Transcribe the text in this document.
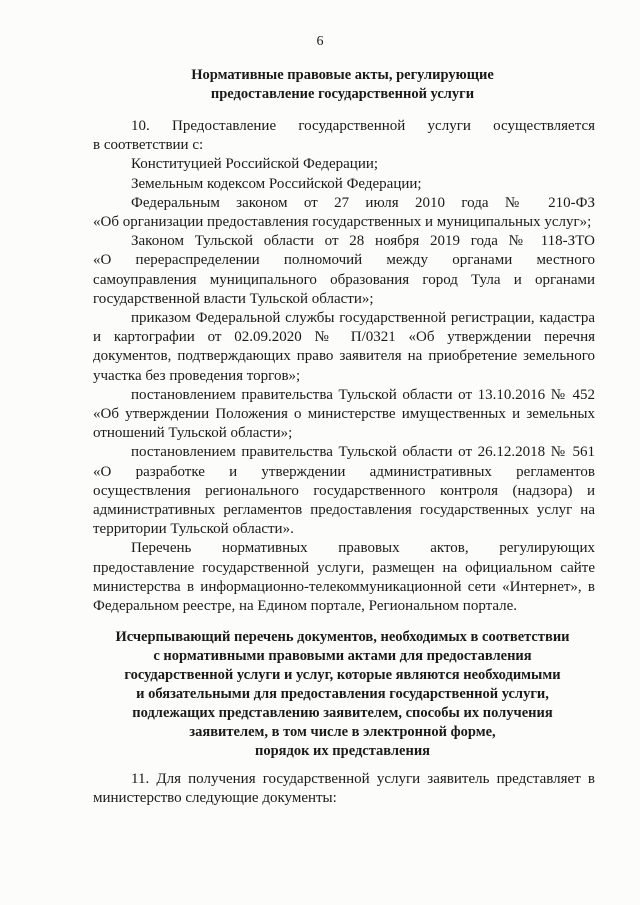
6
Нормативные правовые акты, регулирующие
предоставление государственной услуги

10. Предоставление государственной услуги осуществляется

в соответствии с:

Конституцией Российской Федерации;

Земельным кодексом Российской Федерации;

Федеральным законом от 27 июля 2010 года № 210-ФЗ

«Об организации предоставления государственных и муниципальных услуг»;

Законом Тульской области от 28 ноября 2019 года № 118-ЗТО

«О перераспределении полномочий между органами местного

самоуправления муниципального образования город Тула и органами

государственной власти Тульской области»;

приказом Федеральной службы государственной регистрации, кадастра

и картографии от 02.09.2020 № П/0321 «Об утверждении перечня

документов, подтверждающих право заявителя на приобретение земельного

участка без проведения торгов»;

постановлением правительства Тульской области от 13.10.2016 № 452

«Об утверждении Положения о министерстве имущественных и земельных

отношений Тульской области»;

постановлением правительства Тульской области от 26.12.2018 № 561

«О разработке и утверждении административных регламентов

осуществления регионального государственного контроля (надзора) и

административных регламентов предоставления государственных услуг на

территории Тульской области».

Перечень нормативных правовых актов, регулирующих

предоставление государственной услуги, размещен на официальном сайте

министерства в информационно-телекоммуникационной сети «Интернет», в

Федеральном реестре, на Едином портале, Региональном портале.

Исчерпывающий перечень документов, необходимых в соответствии
с нормативными правовыми актами для предоставления
государственной услуги и услуг, которые являются необходимыми
и обязательными для предоставления государственной услуги,
подлежащих представлению заявителем, способы их получения
заявителем, в том числе в электронной форме,
порядок их представления

11. Для получения государственной услуги заявитель представляет в

министерство следующие документы:
